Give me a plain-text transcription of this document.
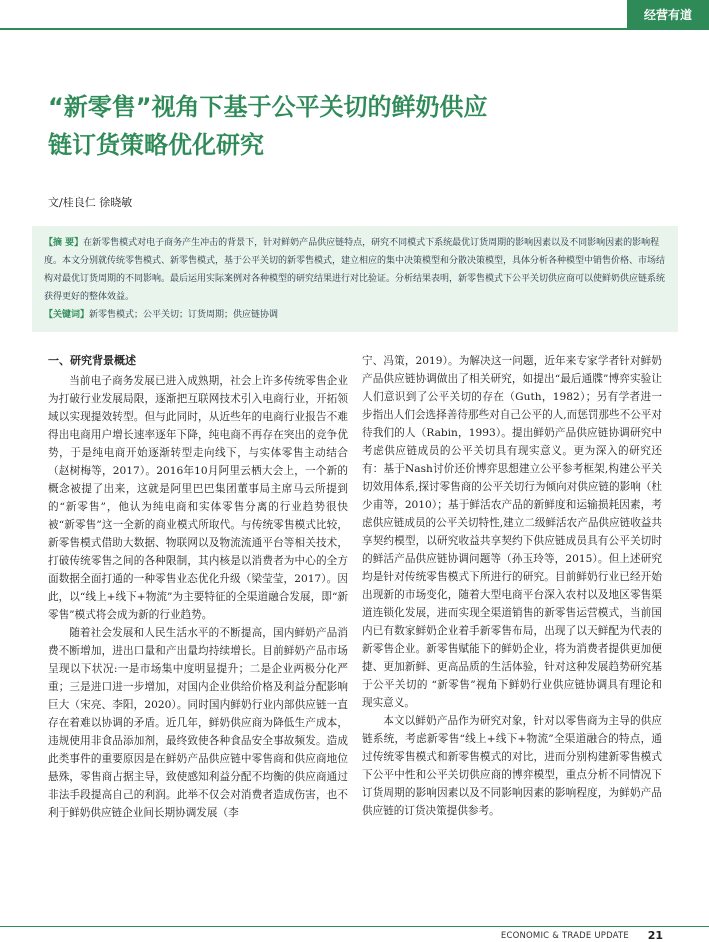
经营有道
“新零售”视角下基于公平关切的鲜奶供应
链订货策略优化研究
文/桂良仁 徐晓敏
【摘 要】在新零售模式对电子商务产生冲击的背景下，针对鲜奶产品供应链特点，研究不同模式下系统最优订货周期的影响因素以及不同影响因素的影响程度。本文分别就传统零售模式、新零售模式，基于公平关切的新零售模式，建立相应的集中决策模型和分散决策模型，具体分析各种模型中销售价格、市场结构对最优订货周期的不同影响。最后运用实际案例对各种模型的研究结果进行对比验证。分析结果表明，新零售模式下公平关切供应商可以使鲜奶供应链系统获得更好的整体效益。
【关键词】新零售模式；公平关切；订货周期；供应链协调
一、研究背景概述

当前电子商务发展已进入成熟期，社会上许多传统零售企业为打破行业发展局限，逐渐把互联网技术引入电商行业，开拓领域以实现提效转型。但与此同时，从近些年的电商行业报告不难得出电商用户增长速率逐年下降，纯电商不再存在突出的竞争优势，于是纯电商开始逐渐转型走向线下，与实体零售主动结合（赵树梅等，2017）。2016年10月阿里云栖大会上，一个新的概念被提了出来，这就是阿里巴巴集团董事局主席马云所提到的“新零售”，他认为纯电商和实体零售分离的行业趋势很快被“新零售”这一全新的商业模式所取代。与传统零售模式比较，新零售模式借助大数据、物联网以及物流流通平台等相关技术，打破传统零售之间的各种限制，其内核是以消费者为中心的全方面数据全面打通的一种零售业态优化升级（梁莹莹，2017）。因此，以“线上+线下+物流”为主要特征的全渠道融合发展，即“新零售”模式将会成为新的行业趋势。

随着社会发展和人民生活水平的不断提高，国内鲜奶产品消费不断增加，进出口量和产出量均持续增长。目前鲜奶产品市场呈现以下状况:一是市场集中度明显提升；二是企业两极分化严重；三是进口进一步增加，对国内企业供给价格及利益分配影响巨大（宋亮、李阳，2020）。同时国内鲜奶行业内部供应链一直存在着难以协调的矛盾。近几年，鲜奶供应商为降低生产成本，违规使用非食品添加剂，最终致使各种食品安全事故频发。造成此类事件的重要原因是在鲜奶产品供应链中零售商和供应商地位悬殊，零售商占据主导，致使感知利益分配不均衡的供应商通过非法手段提高自己的利润。此举不仅会对消费者造成伤害，也不利于鲜奶供应链企业间长期协调发展（李

宁、冯策，2019）。为解决这一问题，近年来专家学者针对鲜奶产品供应链协调做出了相关研究，如提出“最后通牒”博弈实验让人们意识到了公平关切的存在（Guth，1982）；另有学者进一步指出人们会选择善待那些对自己公平的人,而惩罚那些不公平对待我们的人（Rabin，1993）。提出鲜奶产品供应链协调研究中考虑供应链成员的公平关切具有现实意义。更为深入的研究还有：基于Nash讨价还价博弈思想建立公平参考框架,构建公平关切效用体系,探讨零售商的公平关切行为倾向对供应链的影响（杜少甫等，2010）；基于鲜活农产品的新鲜度和运输损耗因素，考虑供应链成员的公平关切特性,建立二级鲜活农产品供应链收益共享契约模型，以研究收益共享契约下供应链成员具有公平关切时的鲜活产品供应链协调问题等（孙玉玲等，2015）。但上述研究均是针对传统零售模式下所进行的研究。目前鲜奶行业已经开始出现新的市场变化，随着大型电商平台深入农村以及地区零售渠道连锁化发展，进而实现全渠道销售的新零售运营模式，当前国内已有数家鲜奶企业着手新零售布局，出现了以天鲜配为代表的新零售企业。新零售赋能下的鲜奶企业，将为消费者提供更加便捷、更加新鲜、更高品质的生活体验，针对这种发展趋势研究基于公平关切的 “新零售”视角下鲜奶行业供应链协调具有理论和现实意义。

本文以鲜奶产品作为研究对象，针对以零售商为主导的供应链系统，考虑新零售“线上+线下+物流”全渠道融合的特点，通过传统零售模式和新零售模式的对比，进而分别构建新零售模式下公平中性和公平关切供应商的博弈模型，重点分析不同情况下订货周期的影响因素以及不同影响因素的影响程度，为鲜奶产品供应链的订货决策提供参考。

ECONOMIC & TRADE UPDATE 21
